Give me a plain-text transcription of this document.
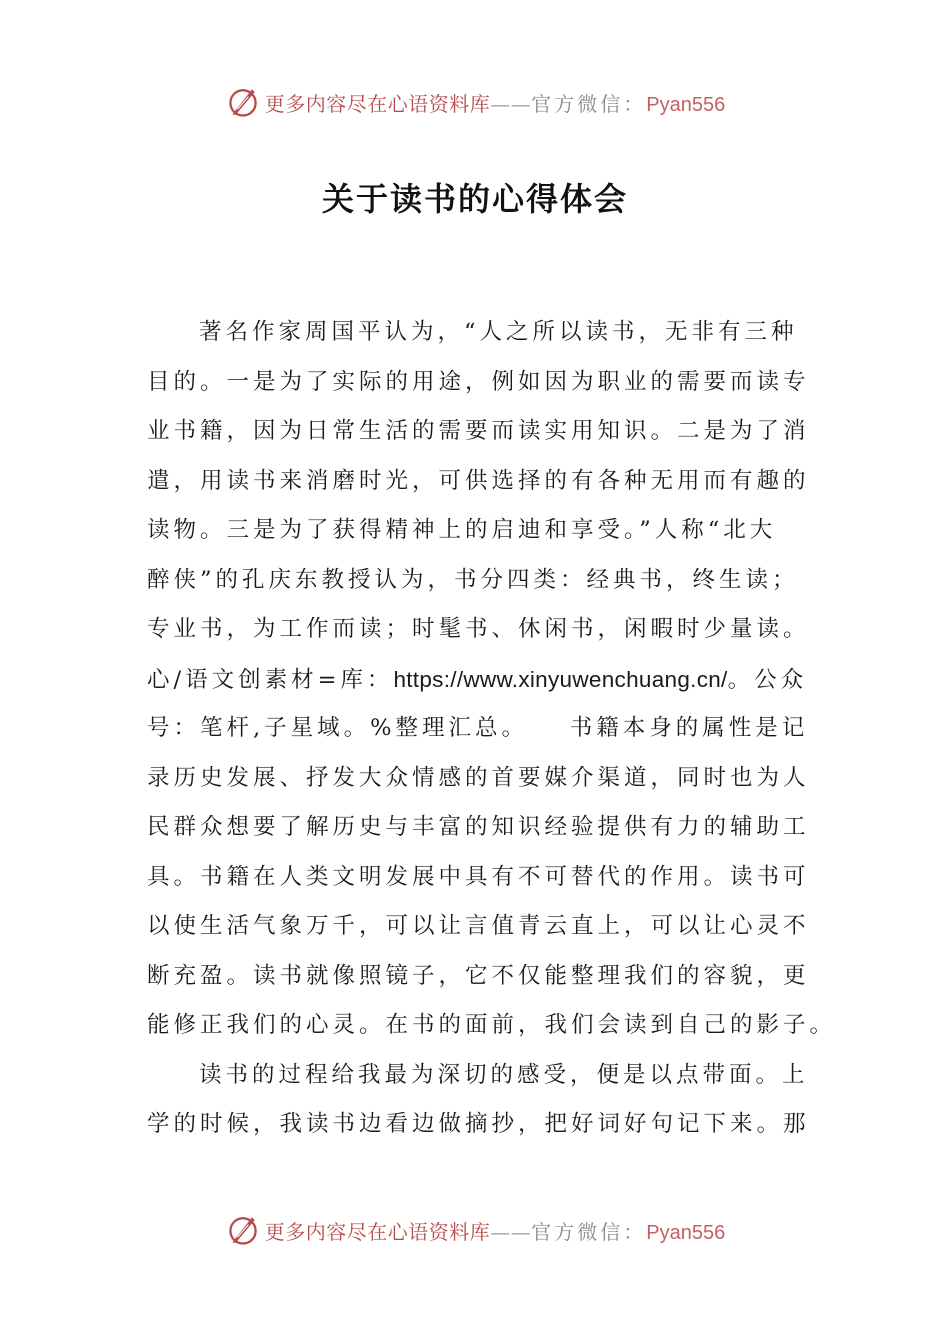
更多内容尽在心语资料库——官方微信：Pyan556
关于读书的心得体会
著名作家周国平认为，“人之所以读书，无非有三种
目的。一是为了实际的用途，例如因为职业的需要而读专
业书籍，因为日常生活的需要而读实用知识。二是为了消
遣，用读书来消磨时光，可供选择的有各种无用而有趣的
读物。三是为了获得精神上的启迪和享受。”人称“北大
醉侠”的孔庆东教授认为，书分四类：经典书，终生读；
专业书，为工作而读；时髦书、休闲书，闲暇时少量读。
心/语文创素材=库：https://www.xinyuwenchuang.cn/。公众
号：笔杆,子星域。%整理汇总。　　书籍本身的属性是记
录历史发展、抒发大众情感的首要媒介渠道，同时也为人
民群众想要了解历史与丰富的知识经验提供有力的辅助工
具。书籍在人类文明发展中具有不可替代的作用。读书可
以使生活气象万千，可以让言值青云直上，可以让心灵不
断充盈。读书就像照镜子，它不仅能整理我们的容貌，更
能修正我们的心灵。在书的面前，我们会读到自己的影子。
读书的过程给我最为深切的感受，便是以点带面。上
学的时候，我读书边看边做摘抄，把好词好句记下来。那
更多内容尽在心语资料库——官方微信：Pyan556
